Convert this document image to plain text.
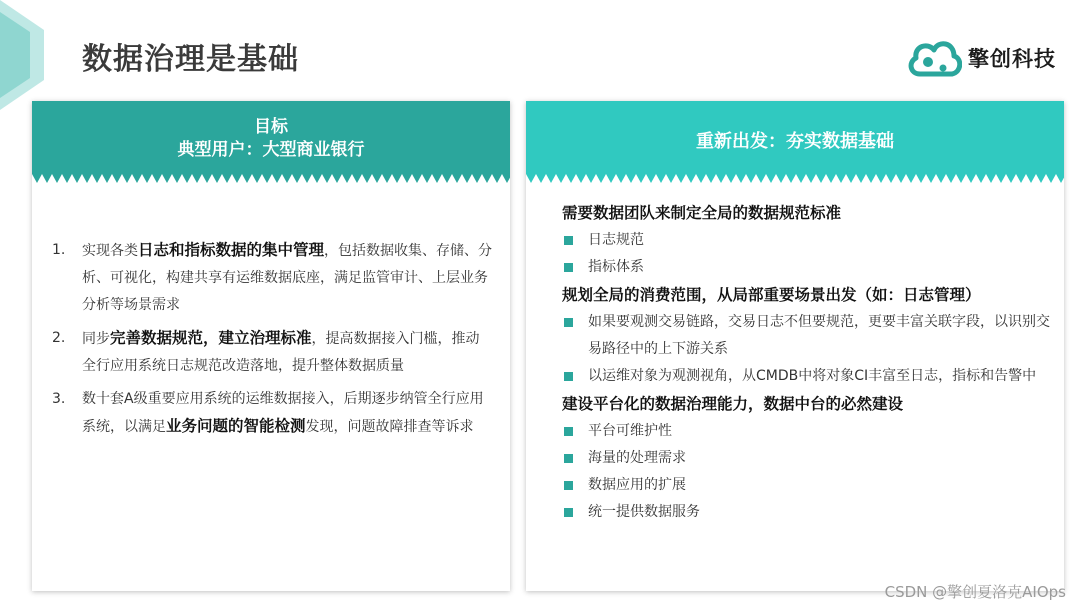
数据治理是基础	擎创科技
目标
典型用户：大型商业银行
1.	实现各类日志和指标数据的集中管理，包括数据收集、存储、分析、可视化，构建共享有运维数据底座，满足监管审计、上层业务分析等场景需求
2.	同步完善数据规范，建立治理标准，提高数据接入门槛，推动全行应用系统日志规范改造落地，提升整体数据质量
3.	数十套A级重要应用系统的运维数据接入，后期逐步纳管全行应用系统，以满足业务问题的智能检测发现，问题故障排查等诉求
重新出发：夯实数据基础
需要数据团队来制定全局的数据规范标准
日志规范
指标体系
规划全局的消费范围，从局部重要场景出发（如：日志管理）
如果要观测交易链路，交易日志不但要规范，更要丰富关联字段，以识别交易路径中的上下游关系
以运维对象为观测视角，从CMDB中将对象CI丰富至日志，指标和告警中
建设平台化的数据治理能力，数据中台的必然建设
平台可维护性
海量的处理需求
数据应用的扩展
统一提供数据服务
CSDN @擎创夏洛克AIOps
